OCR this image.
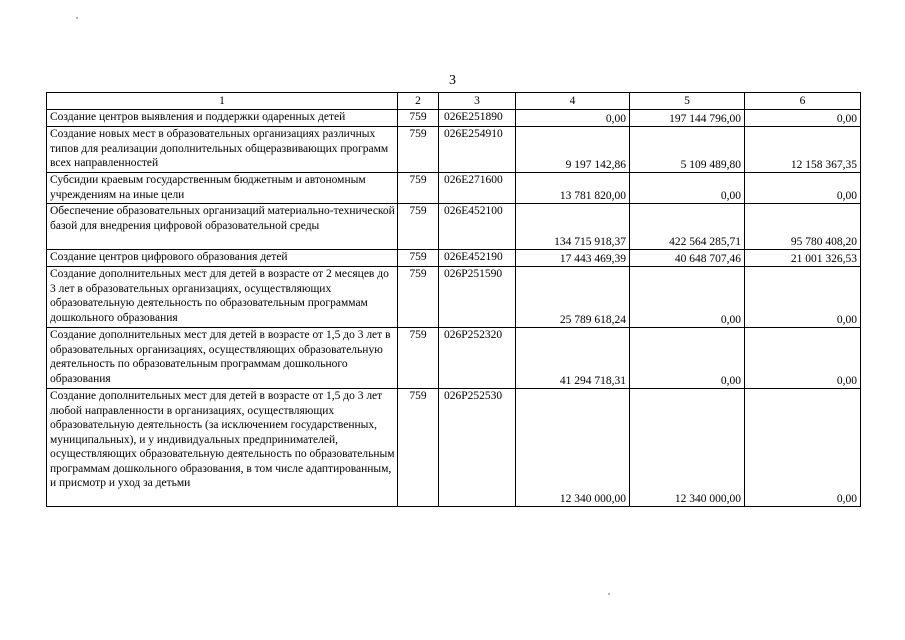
3
1	2	3	4	5	6
Создание центров выявления и поддержки одаренных детей	759	026E251890	0,00	197 144 796,00	0,00
Создание новых мест в образовательных организациях различных типов для реализации дополнительных общеразвивающих программ всех направленностей	759	026E254910	9 197 142,86	5 109 489,80	12 158 367,35
Субсидии краевым государственным бюджетным и автономным учреждениям на иные цели	759	026E271600	13 781 820,00	0,00	0,00
Обеспечение образовательных организаций материально-технической базой для внедрения цифровой образовательной среды	759	026E452100	134 715 918,37	422 564 285,71	95 780 408,20
Создание центров цифрового образования детей	759	026E452190	17 443 469,39	40 648 707,46	21 001 326,53
Создание дополнительных мест для детей в возрасте от 2 месяцев до 3 лет в образовательных организациях, осуществляющих образовательную деятельность по образовательным программам дошкольного образования	759	026P251590	25 789 618,24	0,00	0,00
Создание дополнительных мест для детей в возрасте от 1,5 до 3 лет в образовательных организациях, осуществляющих образовательную деятельность по образовательным программам дошкольного образования	759	026P252320	41 294 718,31	0,00	0,00
Создание дополнительных мест для детей в возрасте от 1,5 до 3 лет любой направленности в организациях, осуществляющих образовательную деятельность (за исключением государственных, муниципальных), и у индивидуальных предпринимателей, осуществляющих образовательную деятельность по образовательным программам дошкольного образования, в том числе адаптированным, и присмотр и уход за детьми	759	026P252530	12 340 000,00	12 340 000,00	0,00
